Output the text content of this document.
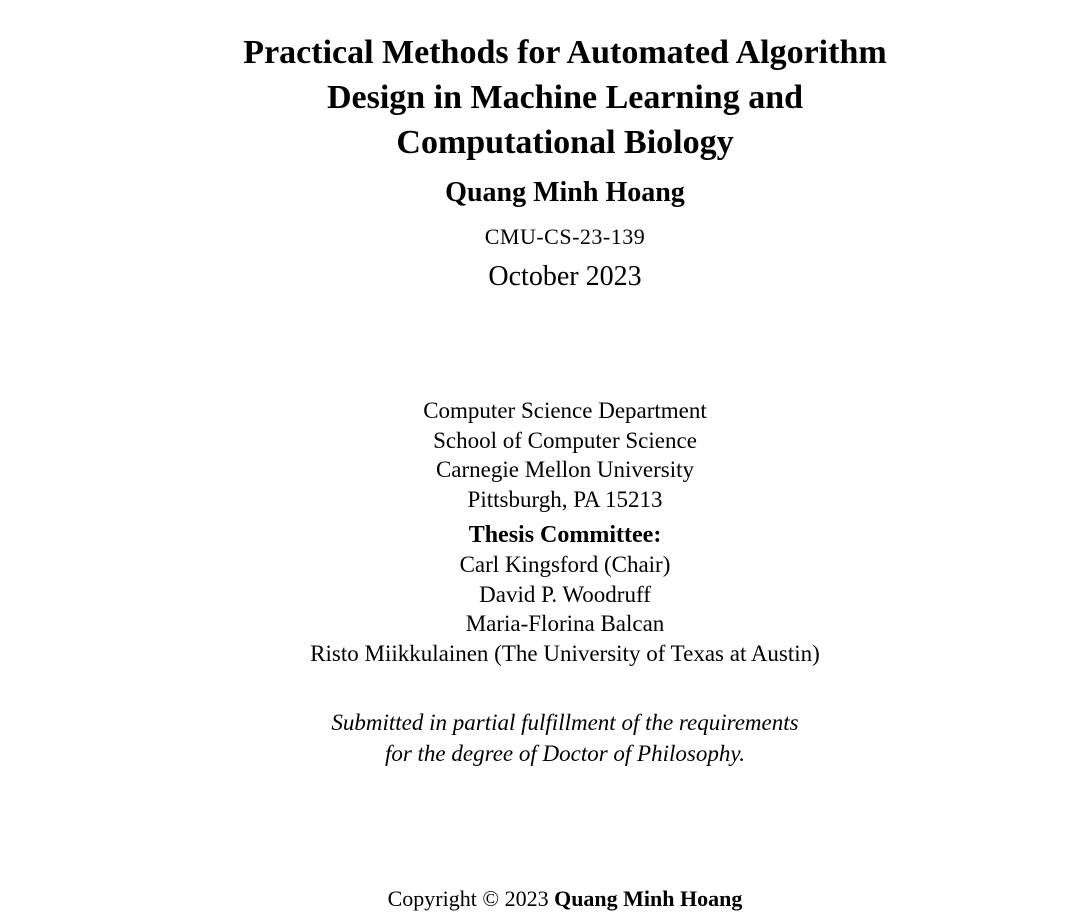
Practical Methods for Automated Algorithm
Design in Machine Learning and
Computational Biology
Quang Minh Hoang
CMU-CS-23-139
October 2023
Computer Science Department
School of Computer Science
Carnegie Mellon University
Pittsburgh, PA 15213
Thesis Committee:
Carl Kingsford (Chair)
David P. Woodruff
Maria-Florina Balcan
Risto Miikkulainen (The University of Texas at Austin)
Submitted in partial fulfillment of the requirements
for the degree of Doctor of Philosophy.
Copyright © 2023 Quang Minh Hoang
